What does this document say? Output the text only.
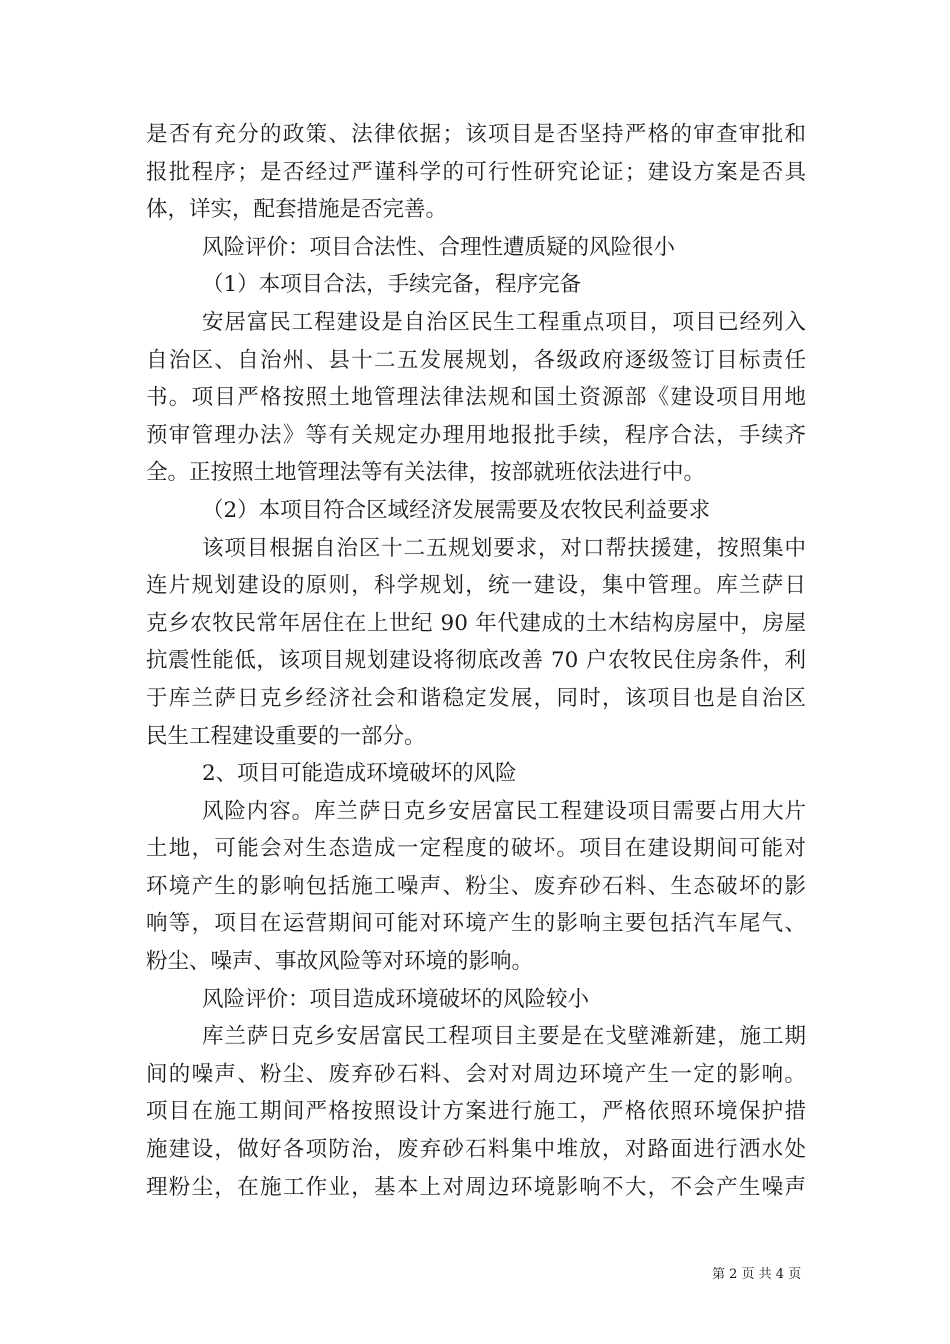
是否有充分的政策、法律依据；该项目是否坚持严格的审查审批和
报批程序；是否经过严谨科学的可行性研究论证；建设方案是否具
体，详实，配套措施是否完善。
风险评价：项目合法性、合理性遭质疑的风险很小
（1）本项目合法，手续完备，程序完备
安居富民工程建设是自治区民生工程重点项目，项目已经列入
自治区、自治州、县十二五发展规划，各级政府逐级签订目标责任
书。项目严格按照土地管理法律法规和国土资源部《建设项目用地
预审管理办法》等有关规定办理用地报批手续，程序合法，手续齐
全。正按照土地管理法等有关法律，按部就班依法进行中。
（2）本项目符合区域经济发展需要及农牧民利益要求
该项目根据自治区十二五规划要求，对口帮扶援建，按照集中
连片规划建设的原则，科学规划，统一建设，集中管理。库兰萨日
克乡农牧民常年居住在上世纪 90 年代建成的土木结构房屋中，房屋
抗震性能低，该项目规划建设将彻底改善 70 户农牧民住房条件，利
于库兰萨日克乡经济社会和谐稳定发展，同时，该项目也是自治区
民生工程建设重要的一部分。
2、项目可能造成环境破坏的风险
风险内容。库兰萨日克乡安居富民工程建设项目需要占用大片
土地，可能会对生态造成一定程度的破坏。项目在建设期间可能对
环境产生的影响包括施工噪声、粉尘、废弃砂石料、生态破坏的影
响等，项目在运营期间可能对环境产生的影响主要包括汽车尾气、
粉尘、噪声、事故风险等对环境的影响。
风险评价：项目造成环境破坏的风险较小
库兰萨日克乡安居富民工程项目主要是在戈壁滩新建，施工期
间的噪声、粉尘、废弃砂石料、会对对周边环境产生一定的影响。
项目在施工期间严格按照设计方案进行施工，严格依照环境保护措
施建设，做好各项防治，废弃砂石料集中堆放，对路面进行洒水处
理粉尘，在施工作业，基本上对周边环境影响不大，不会产生噪声
第 2 页 共 4 页
